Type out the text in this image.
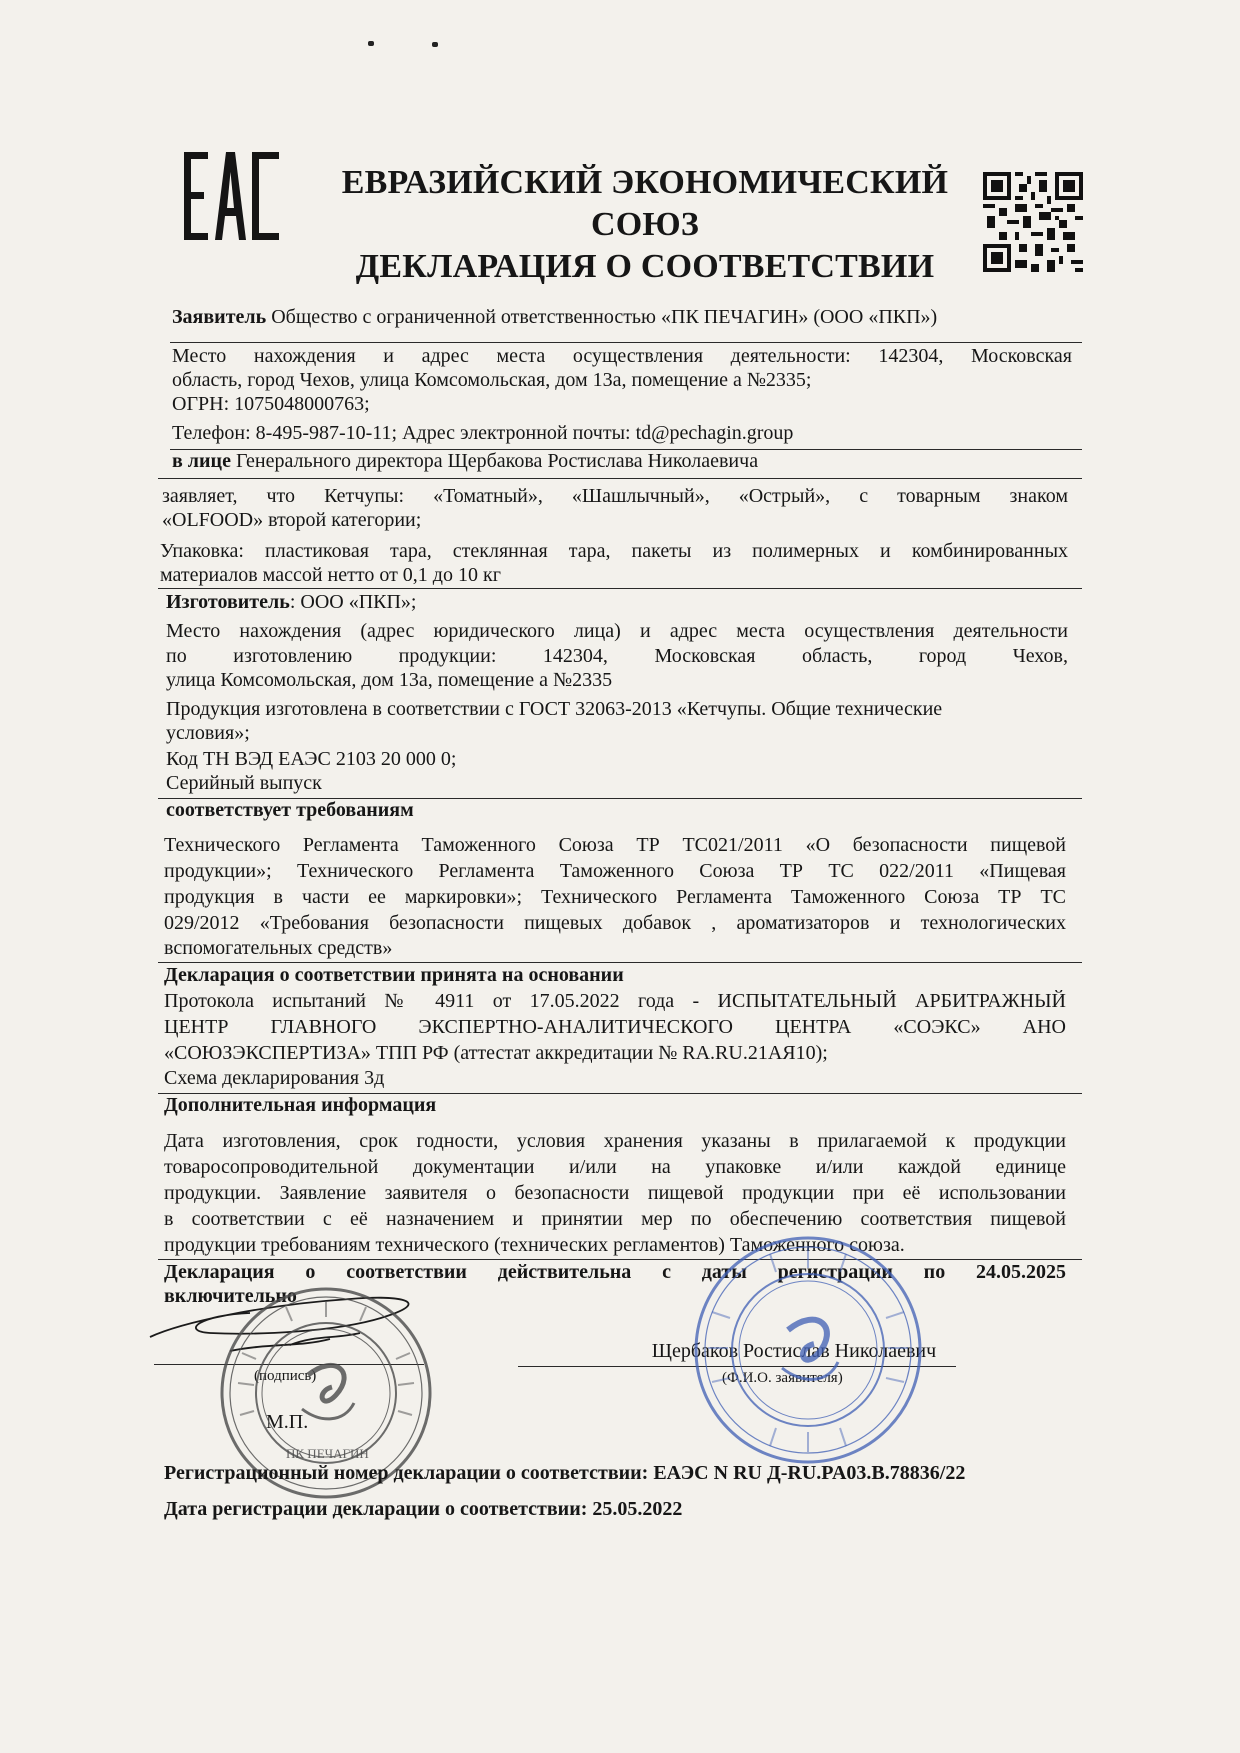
ЕВРАЗИЙСКИЙ ЭКОНОМИЧЕСКИЙ СОЮЗ
ДЕКЛАРАЦИЯ О СООТВЕТСТВИИ
Заявитель Общество с ограниченной ответственностью «ПК ПЕЧАГИН» (ООО «ПКП»)
Место нахождения и адрес места осуществления деятельности: 142304, Московская
область, город Чехов, улица Комсомольская, дом 13а, помещение а №2335;
ОГРН: 1075048000763;
Телефон: 8-495-987-10-11; Адрес электронной почты: td@pechagin.group
в лице Генерального директора Щербакова Ростислава Николаевича
заявляет, что Кетчупы: «Томатный», «Шашлычный», «Острый», с товарным знаком
«OLFOOD» второй категории;
Упаковка: пластиковая тара, стеклянная тара, пакеты из полимерных и комбинированных
материалов массой нетто от 0,1 до 10 кг
Изготовитель: ООО «ПКП»;
Место нахождения (адрес юридического лица) и адрес места осуществления деятельности
по изготовлению продукции: 142304, Московская область, город Чехов,
улица Комсомольская, дом 13а, помещение а №2335
Продукция изготовлена в соответствии с ГОСТ 32063-2013 «Кетчупы. Общие технические
условия»;
Код ТН ВЭД ЕАЭС 2103 20 000 0;
Серийный выпуск
соответствует требованиям
Технического Регламента Таможенного Союза ТР ТС021/2011 «О безопасности пищевой
продукции»; Технического Регламента Таможенного Союза ТР ТС 022/2011 «Пищевая
продукция в части ее маркировки»; Технического Регламента Таможенного Союза ТР ТС
029/2012 «Требования безопасности пищевых добавок , ароматизаторов и технологических
вспомогательных средств»
Декларация о соответствии принята на основании
Протокола испытаний № 4911 от 17.05.2022 года - ИСПЫТАТЕЛЬНЫЙ АРБИТРАЖНЫЙ
ЦЕНТР ГЛАВНОГО ЭКСПЕРТНО-АНАЛИТИЧЕСКОГО ЦЕНТРА «СОЭКС» АНО
«СОЮЗЭКСПЕРТИЗА» ТПП РФ (аттестат аккредитации № RA.RU.21АЯ10);
Схема декларирования 3д
Дополнительная информация
Дата изготовления, срок годности, условия хранения указаны в прилагаемой к продукции
товаросопроводительной документации и/или на упаковке и/или каждой единице
продукции. Заявление заявителя о безопасности пищевой продукции при её использовании
в соответствии с её назначением и принятии мер по обеспечению соответствия пищевой
продукции требованиям технического (технических регламентов) Таможенного союза.
Декларация о соответствии действительна с даты регистрации по 24.05.2025
включительно
(подпись)
М.П.
Щербаков Ростислав Николаевич
(Ф.И.О. заявителя)
ПК ПЕЧАГИН
Регистрационный номер декларации о соответствии: ЕАЭС N RU Д-RU.PA03.B.78836/22
Дата регистрации декларации о соответствии: 25.05.2022
